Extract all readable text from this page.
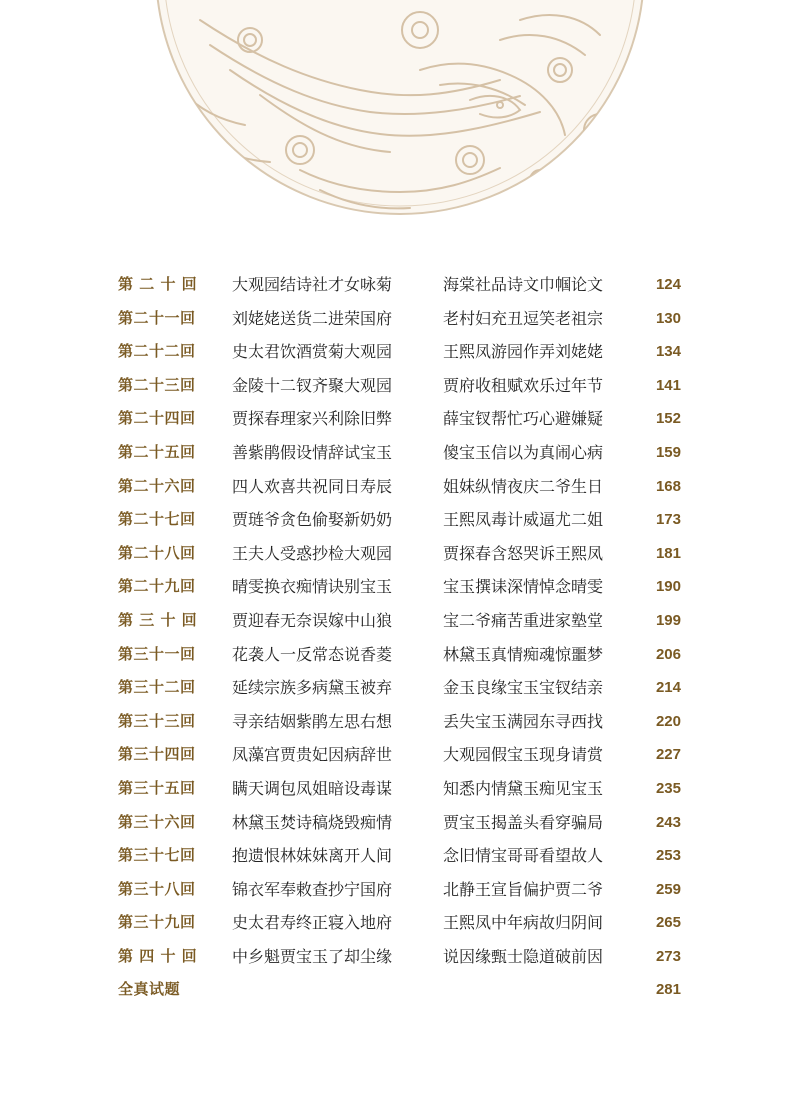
第 二 十 回	大观园结诗社才女咏菊	海棠社品诗文巾帼论文	124
第二十一回	刘姥姥送货二进荣国府	老村妇充丑逗笑老祖宗	130
第二十二回	史太君饮酒赏菊大观园	王熙凤游园作弄刘姥姥	134
第二十三回	金陵十二钗齐聚大观园	贾府收租赋欢乐过年节	141
第二十四回	贾探春理家兴利除旧弊	薛宝钗帮忙巧心避嫌疑	152
第二十五回	善紫鹃假设情辞试宝玉	傻宝玉信以为真闹心病	159
第二十六回	四人欢喜共祝同日寿辰	姐妹纵情夜庆二爷生日	168
第二十七回	贾琏爷贪色偷娶新奶奶	王熙凤毒计威逼尤二姐	173
第二十八回	王夫人受惑抄检大观园	贾探春含怒哭诉王熙凤	181
第二十九回	晴雯换衣痴情诀别宝玉	宝玉撰诔深情悼念晴雯	190
第 三 十 回	贾迎春无奈误嫁中山狼	宝二爷痛苦重进家塾堂	199
第三十一回	花袭人一反常态说香菱	林黛玉真情痴魂惊噩梦	206
第三十二回	延续宗族多病黛玉被弃	金玉良缘宝玉宝钗结亲	214
第三十三回	寻亲结姻紫鹃左思右想	丢失宝玉满园东寻西找	220
第三十四回	凤藻宫贾贵妃因病辞世	大观园假宝玉现身请赏	227
第三十五回	瞒天调包凤姐暗设毒谋	知悉内情黛玉痴见宝玉	235
第三十六回	林黛玉焚诗稿烧毁痴情	贾宝玉揭盖头看穿骗局	243
第三十七回	抱遗恨林妹妹离开人间	念旧情宝哥哥看望故人	253
第三十八回	锦衣军奉敕查抄宁国府	北静王宣旨偏护贾二爷	259
第三十九回	史太君寿终正寝入地府	王熙凤中年病故归阴间	265
第 四 十 回	中乡魁贾宝玉了却尘缘	说因缘甄士隐道破前因	273
全真试题	281
